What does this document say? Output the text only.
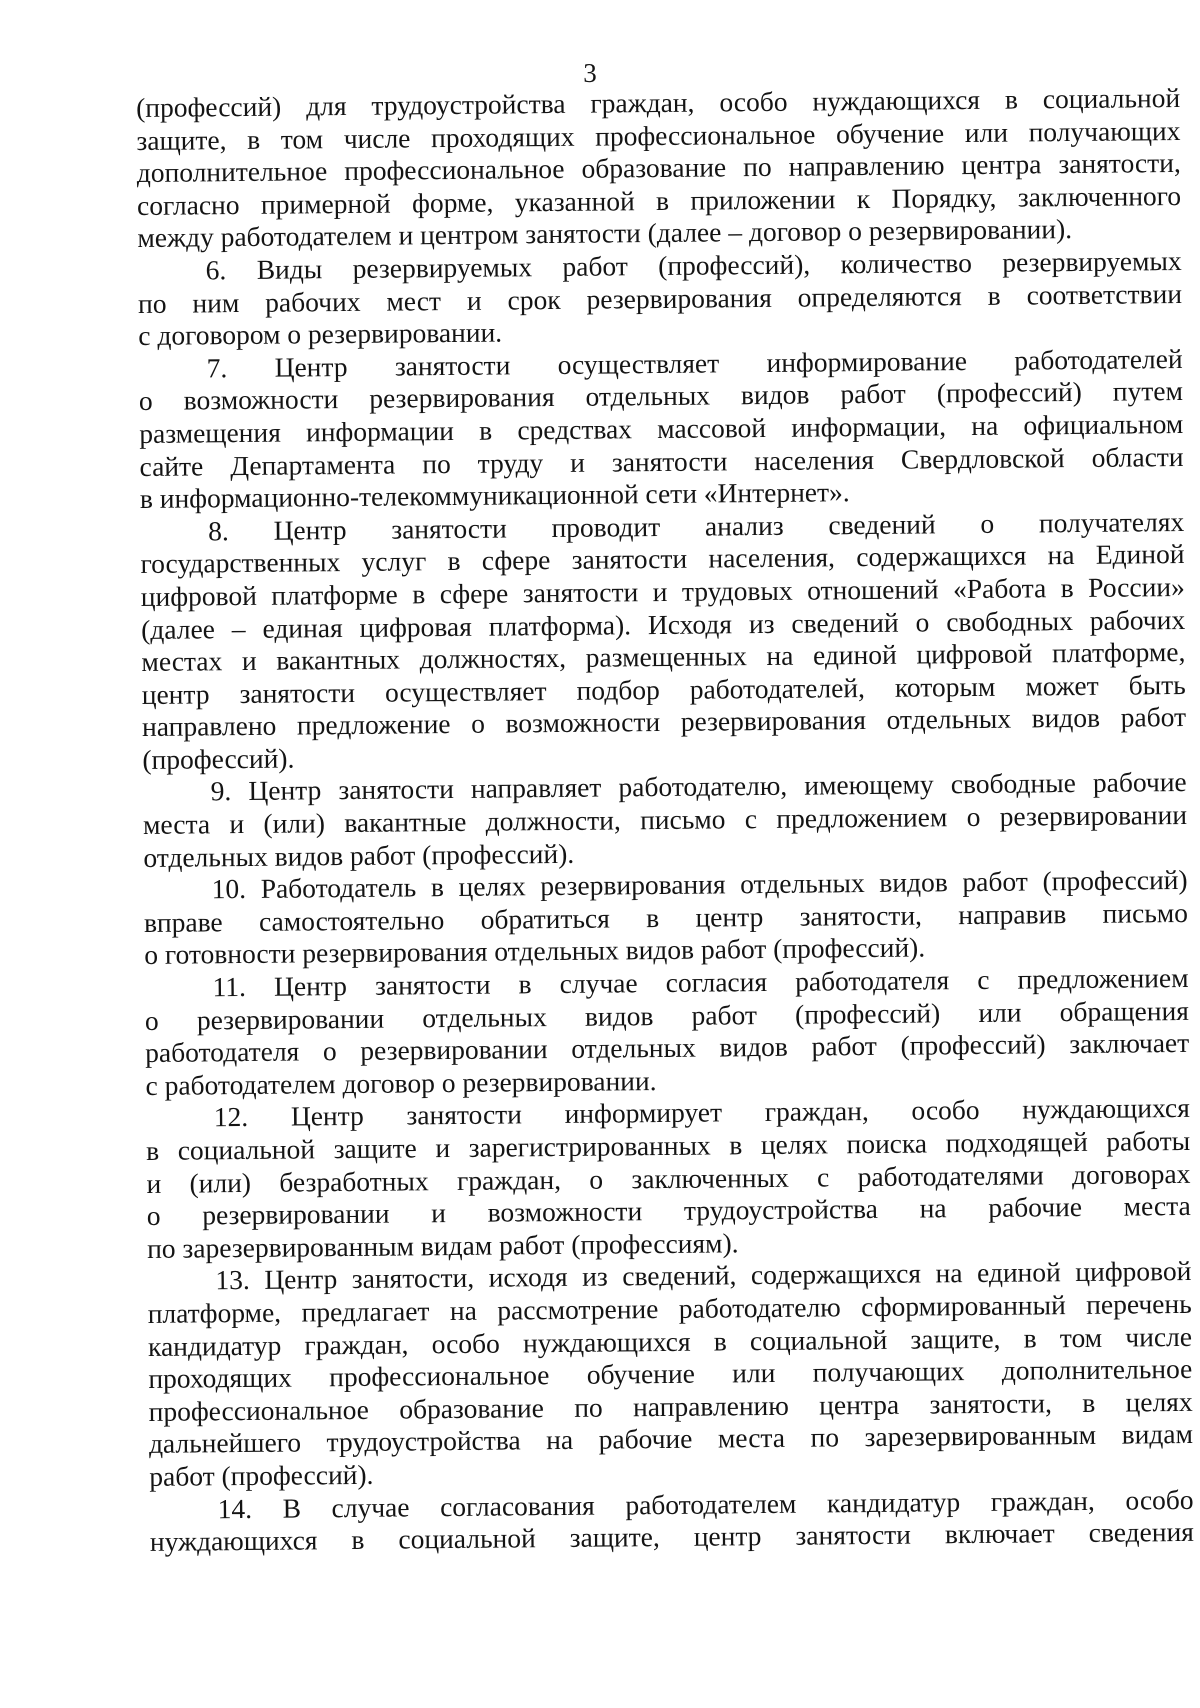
3
(профессий) для трудоустройства граждан, особо нуждающихся в социальной
защите, в том числе проходящих профессиональное обучение или получающих
дополнительное профессиональное образование по направлению центра занятости,
согласно примерной форме, указанной в приложении к Порядку, заключенного
между работодателем и центром занятости (далее – договор о резервировании).
6. Виды резервируемых работ (профессий), количество резервируемых
по ним рабочих мест и срок резервирования определяются в соответствии
с договором о резервировании.
7. Центр занятости осуществляет информирование работодателей
о возможности резервирования отдельных видов работ (профессий) путем
размещения информации в средствах массовой информации, на официальном
сайте Департамента по труду и занятости населения Свердловской области
в информационно-телекоммуникационной сети «Интернет».
8. Центр занятости проводит анализ сведений о получателях
государственных услуг в сфере занятости населения, содержащихся на Единой
цифровой платформе в сфере занятости и трудовых отношений «Работа в России»
(далее – единая цифровая платформа). Исходя из сведений о свободных рабочих
местах и вакантных должностях, размещенных на единой цифровой платформе,
центр занятости осуществляет подбор работодателей, которым может быть
направлено предложение о возможности резервирования отдельных видов работ
(профессий).
9. Центр занятости направляет работодателю, имеющему свободные рабочие
места и (или) вакантные должности, письмо с предложением о резервировании
отдельных видов работ (профессий).
10. Работодатель в целях резервирования отдельных видов работ (профессий)
вправе самостоятельно обратиться в центр занятости, направив письмо
о готовности резервирования отдельных видов работ (профессий).
11. Центр занятости в случае согласия работодателя с предложением
о резервировании отдельных видов работ (профессий) или обращения
работодателя о резервировании отдельных видов работ (профессий) заключает
с работодателем договор о резервировании.
12. Центр занятости информирует граждан, особо нуждающихся
в социальной защите и зарегистрированных в целях поиска подходящей работы
и (или) безработных граждан, о заключенных с работодателями договорах
о резервировании и возможности трудоустройства на рабочие места
по зарезервированным видам работ (профессиям).
13. Центр занятости, исходя из сведений, содержащихся на единой цифровой
платформе, предлагает на рассмотрение работодателю сформированный перечень
кандидатур граждан, особо нуждающихся в социальной защите, в том числе
проходящих профессиональное обучение или получающих дополнительное
профессиональное образование по направлению центра занятости, в целях
дальнейшего трудоустройства на рабочие места по зарезервированным видам
работ (профессий).
14. В случае согласования работодателем кандидатур граждан, особо
нуждающихся в социальной защите, центр занятости включает сведения
